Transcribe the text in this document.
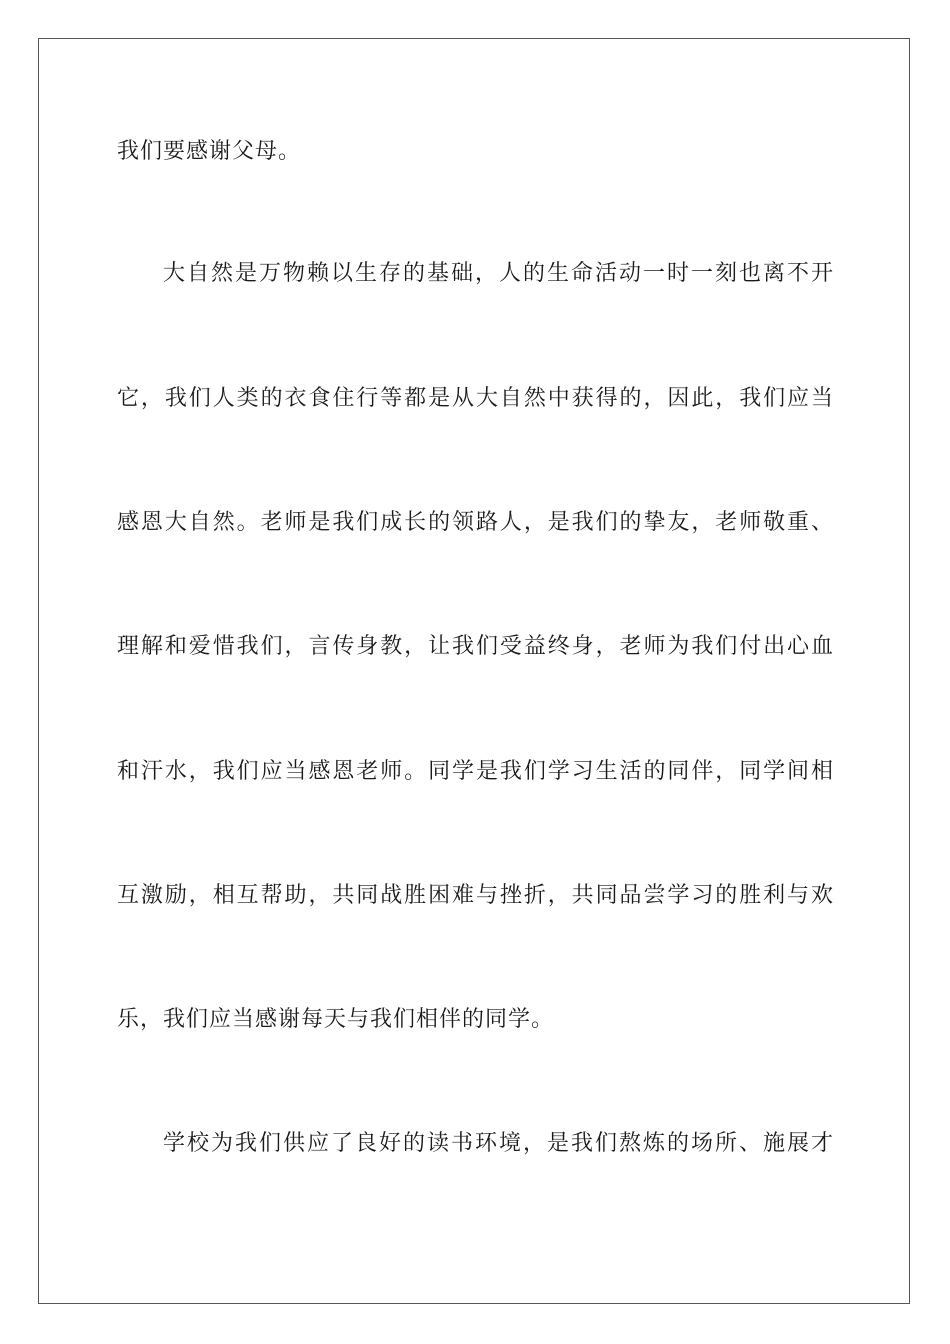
我们要感谢父母。
大自然是万物赖以生存的基础，人的生命活动一时一刻也离不开
它，我们人类的衣食住行等都是从大自然中获得的，因此，我们应当
感恩大自然。老师是我们成长的领路人，是我们的挚友，老师敬重、
理解和爱惜我们，言传身教，让我们受益终身，老师为我们付出心血
和汗水，我们应当感恩老师。同学是我们学习生活的同伴，同学间相
互激励，相互帮助，共同战胜困难与挫折，共同品尝学习的胜利与欢
乐，我们应当感谢每天与我们相伴的同学。
学校为我们供应了良好的读书环境，是我们熬炼的场所、施展才
